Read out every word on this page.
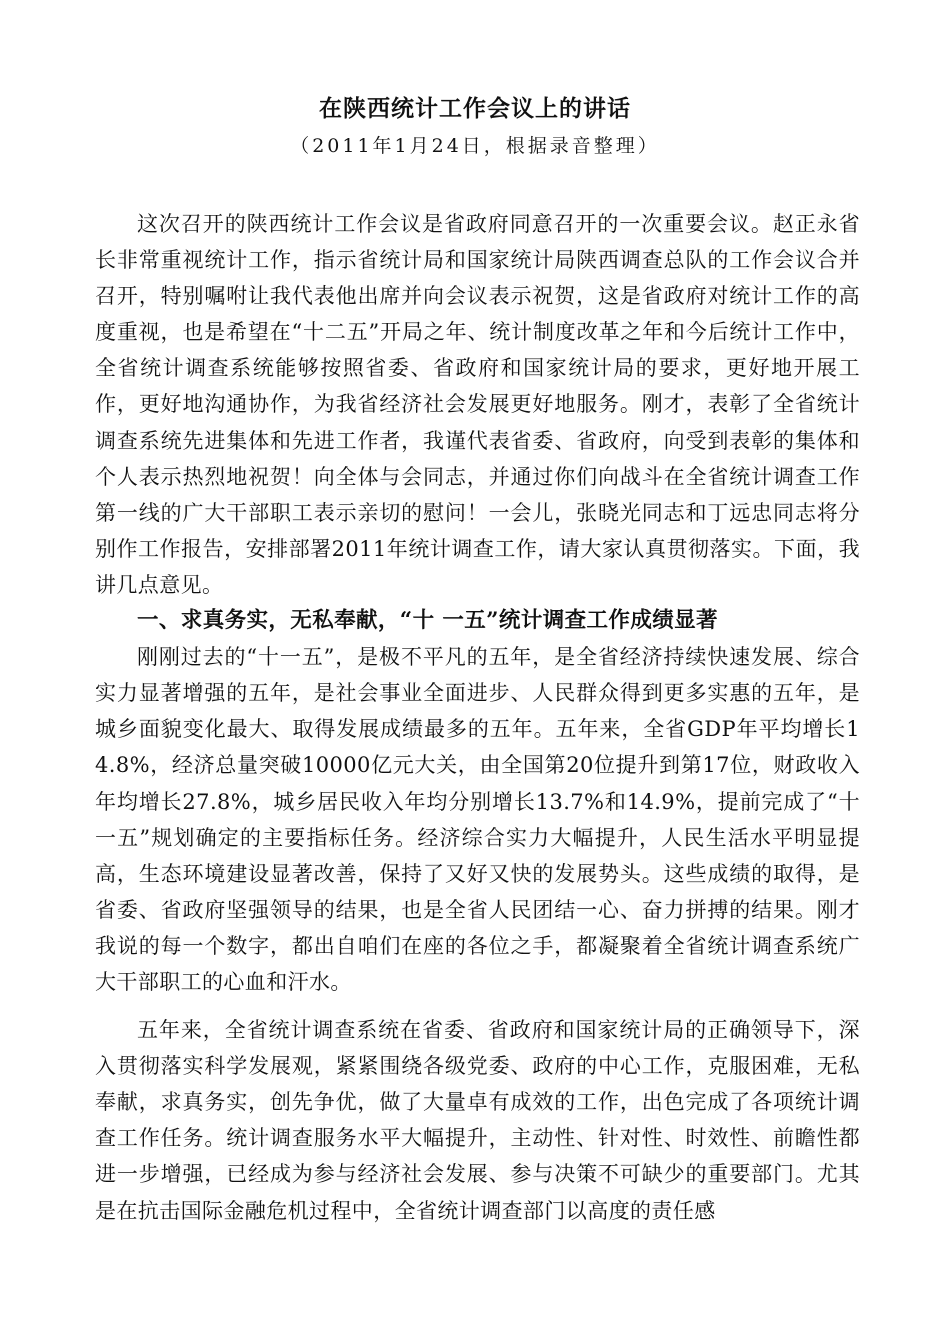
在陕西统计工作会议上的讲话
（2011年1月24日，根据录音整理）

这次召开的陕西统计工作会议是省政府同意召开的一次重要会议。赵正永省长非常重视统计工作，指示省统计局和国家统计局陕西调查总队的工作会议合并召开，特别嘱咐让我代表他出席并向会议表示祝贺，这是省政府对统计工作的高度重视，也是希望在“十二五”开局之年、统计制度改革之年和今后统计工作中，全省统计调查系统能够按照省委、省政府和国家统计局的要求，更好地开展工作，更好地沟通协作，为我省经济社会发展更好地服务。刚才，表彰了全省统计调查系统先进集体和先进工作者，我谨代表省委、省政府，向受到表彰的集体和个人表示热烈地祝贺！向全体与会同志，并通过你们向战斗在全省统计调查工作第一线的广大干部职工表示亲切的慰问！一会儿，张晓光同志和丁远忠同志将分别作工作报告，安排部署2011年统计调查工作，请大家认真贯彻落实。下面，我讲几点意见。

一、求真务实，无私奉献，“十 一五”统计调查工作成绩显著

刚刚过去的“十一五”，是极不平凡的五年，是全省经济持续快速发展、综合实力显著增强的五年，是社会事业全面进步、人民群众得到更多实惠的五年，是城乡面貌变化最大、取得发展成绩最多的五年。五年来，全省GDP年平均增长14.8%，经济总量突破10000亿元大关，由全国第20位提升到第17位，财政收入年均增长27.8%，城乡居民收入年均分别增长13.7%和14.9%，提前完成了“十一五”规划确定的主要指标任务。经济综合实力大幅提升，人民生活水平明显提高，生态环境建设显著改善，保持了又好又快的发展势头。这些成绩的取得，是省委、省政府坚强领导的结果，也是全省人民团结一心、奋力拼搏的结果。刚才我说的每一个数字，都出自咱们在座的各位之手，都凝聚着全省统计调查系统广大干部职工的心血和汗水。

五年来，全省统计调查系统在省委、省政府和国家统计局的正确领导下，深入贯彻落实科学发展观，紧紧围绕各级党委、政府的中心工作，克服困难，无私奉献，求真务实，创先争优，做了大量卓有成效的工作，出色完成了各项统计调查工作任务。统计调查服务水平大幅提升，主动性、针对性、时效性、前瞻性都进一步增强，已经成为参与经济社会发展、参与决策不可缺少的重要部门。尤其是在抗击国际金融危机过程中，全省统计调查部门以高度的责任感
